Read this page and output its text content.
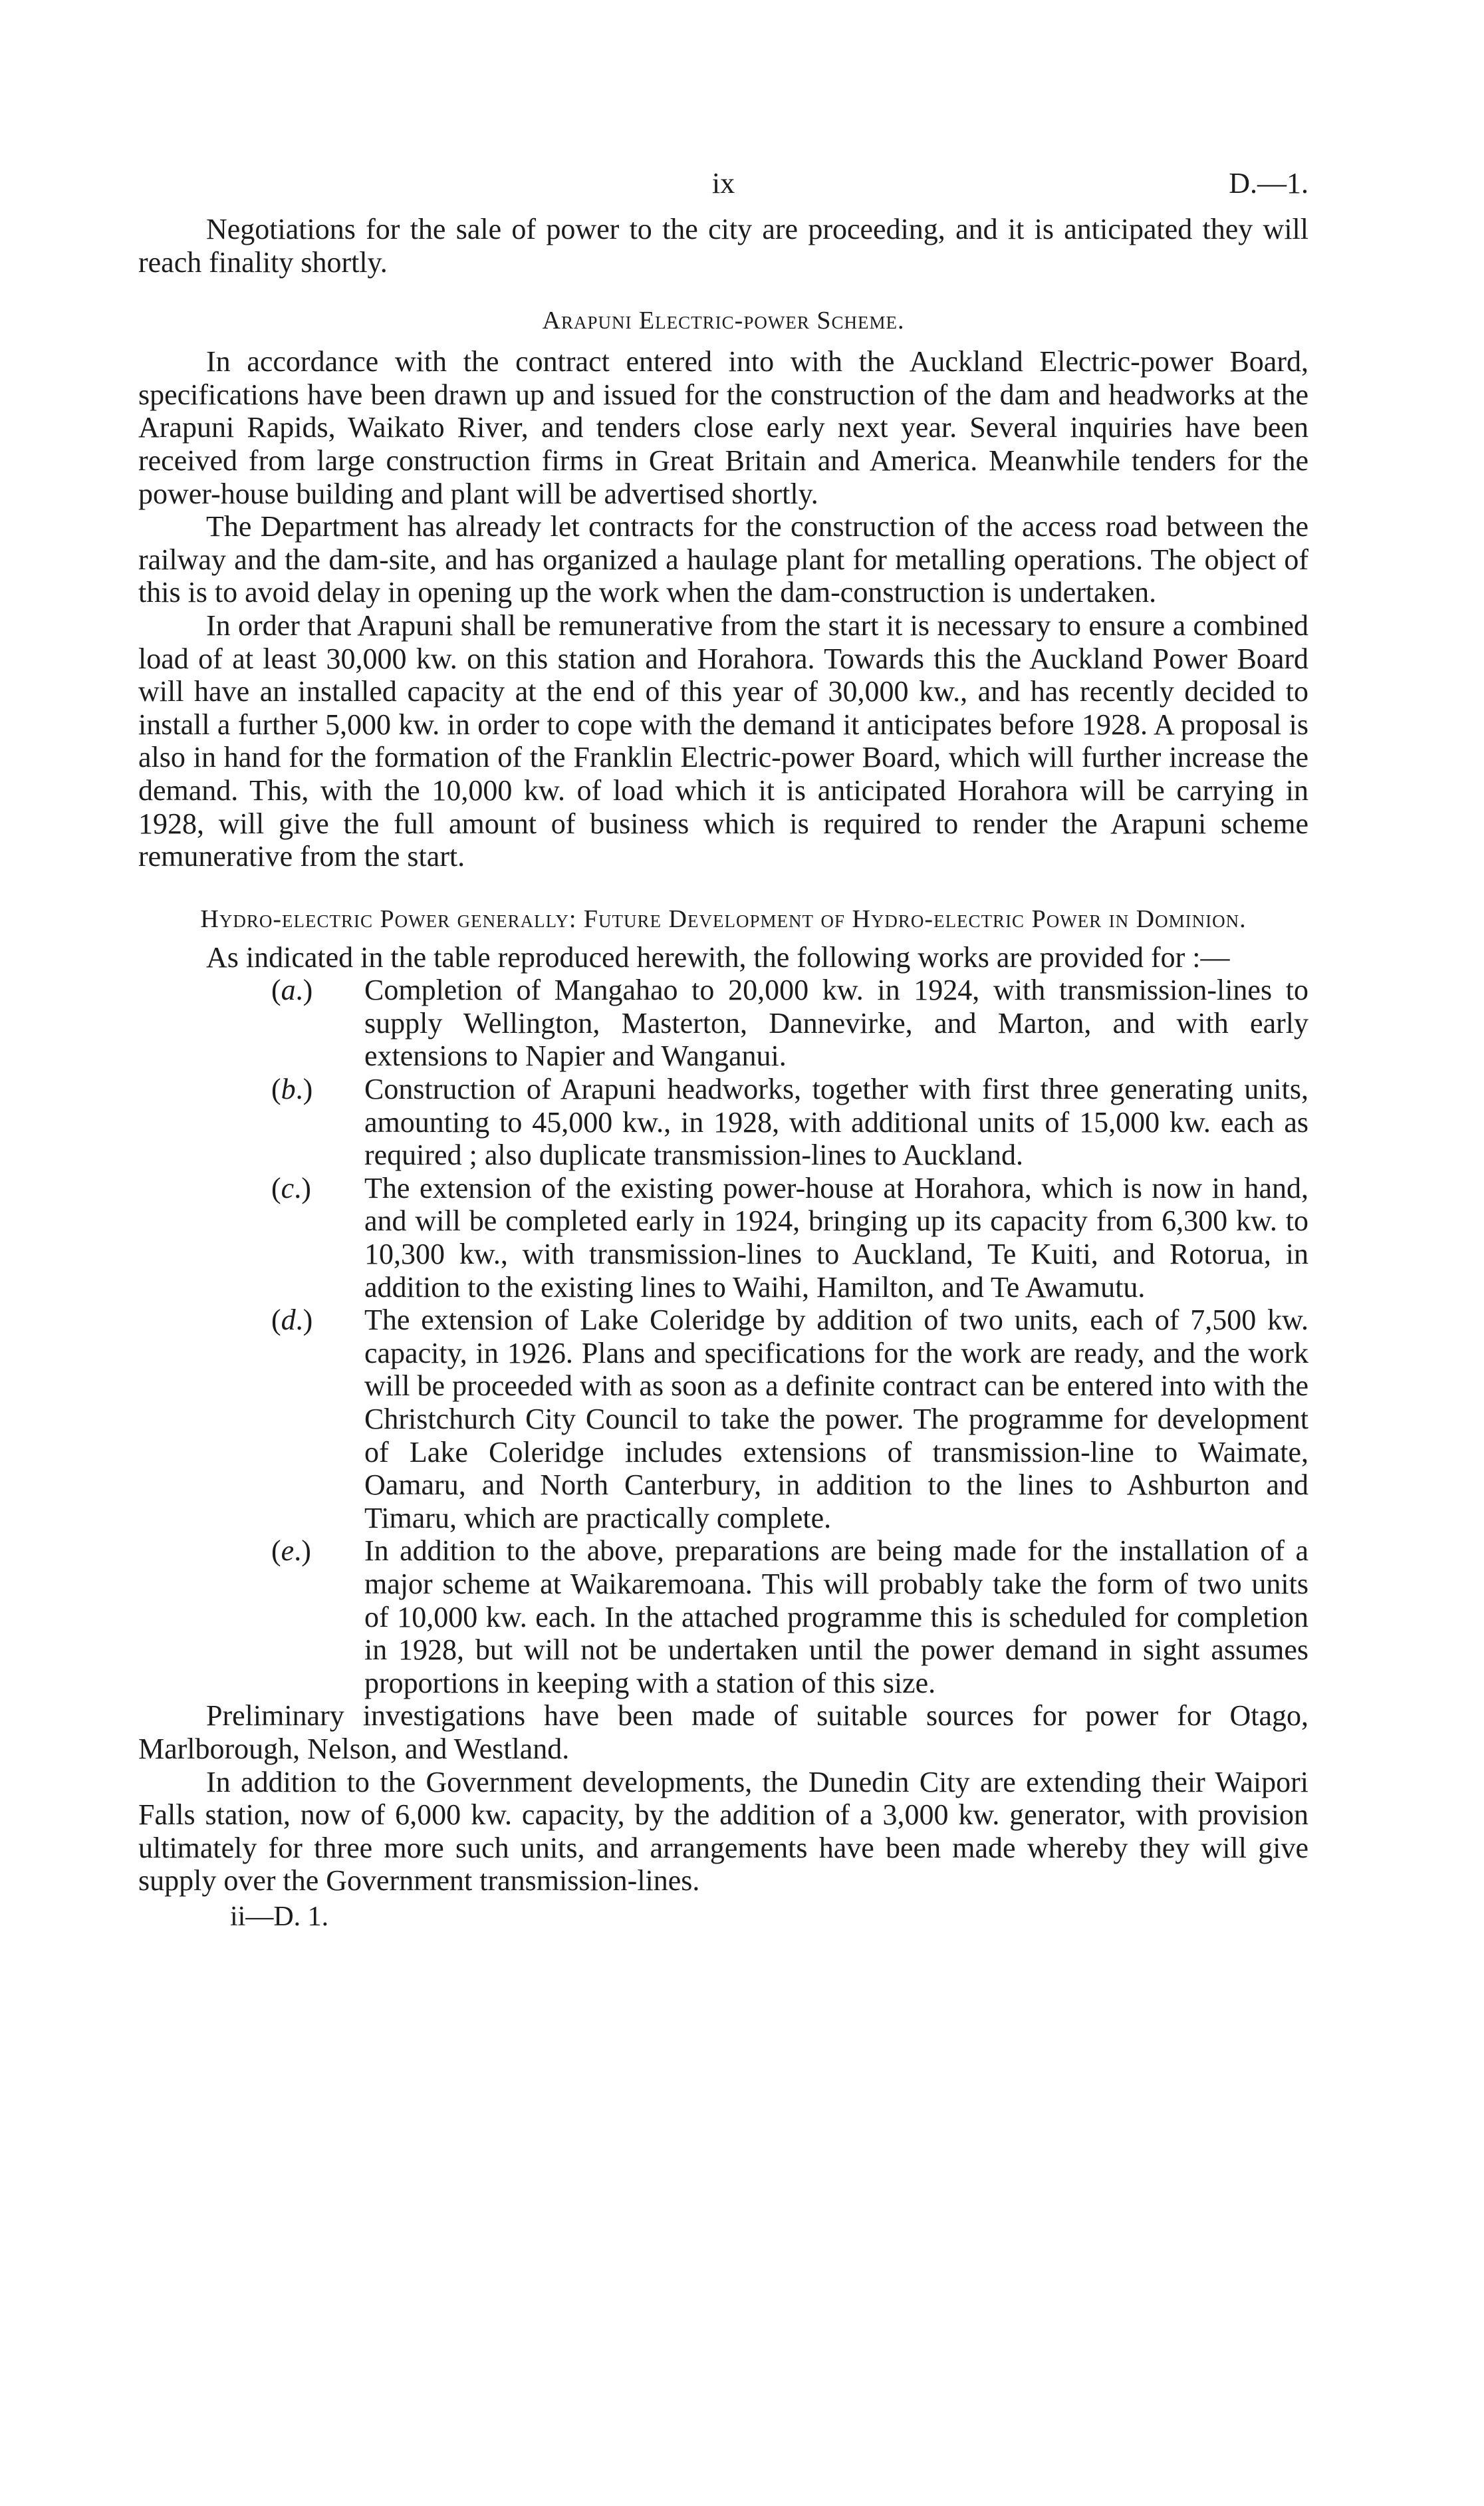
ix	D.—1.

Negotiations for the sale of power to the city are proceeding, and it is anticipated they will reach finality shortly.

Arapuni Electric-power Scheme.

In accordance with the contract entered into with the Auckland Electric-power Board, specifications have been drawn up and issued for the construction of the dam and headworks at the Arapuni Rapids, Waikato River, and tenders close early next year. Several inquiries have been received from large construction firms in Great Britain and America. Meanwhile tenders for the power-house building and plant will be advertised shortly.

The Department has already let contracts for the construction of the access road between the railway and the dam-site, and has organized a haulage plant for metalling operations. The object of this is to avoid delay in opening up the work when the dam-construction is undertaken.

In order that Arapuni shall be remunerative from the start it is necessary to ensure a combined load of at least 30,000 kw. on this station and Horahora. Towards this the Auckland Power Board will have an installed capacity at the end of this year of 30,000 kw., and has recently decided to install a further 5,000 kw. in order to cope with the demand it anticipates before 1928. A proposal is also in hand for the formation of the Franklin Electric-power Board, which will further increase the demand. This, with the 10,000 kw. of load which it is anticipated Horahora will be carrying in 1928, will give the full amount of business which is required to render the Arapuni scheme remunerative from the start.

Hydro-electric Power generally: Future Development of Hydro-electric Power in Dominion.

As indicated in the table reproduced herewith, the following works are provided for :—

(a.)	Completion of Mangahao to 20,000 kw. in 1924, with transmission-lines to supply Wellington, Masterton, Dannevirke, and Marton, and with early extensions to Napier and Wanganui.
(b.)	Construction of Arapuni headworks, together with first three generating units, amounting to 45,000 kw., in 1928, with additional units of 15,000 kw. each as required ; also duplicate transmission-lines to Auckland.
(c.)	The extension of the existing power-house at Horahora, which is now in hand, and will be completed early in 1924, bringing up its capacity from 6,300 kw. to 10,300 kw., with transmission-lines to Auckland, Te Kuiti, and Rotorua, in addition to the existing lines to Waihi, Hamilton, and Te Awamutu.
(d.)	The extension of Lake Coleridge by addition of two units, each of 7,500 kw. capacity, in 1926. Plans and specifications for the work are ready, and the work will be proceeded with as soon as a definite contract can be entered into with the Christchurch City Council to take the power. The programme for development of Lake Coleridge includes extensions of transmission-line to Waimate, Oamaru, and North Canterbury, in addition to the lines to Ashburton and Timaru, which are practically complete.
(e.)	In addition to the above, preparations are being made for the installation of a major scheme at Waikaremoana. This will probably take the form of two units of 10,000 kw. each. In the attached programme this is scheduled for completion in 1928, but will not be undertaken until the power demand in sight assumes proportions in keeping with a station of this size.

Preliminary investigations have been made of suitable sources for power for Otago, Marlborough, Nelson, and Westland.

In addition to the Government developments, the Dunedin City are extending their Waipori Falls station, now of 6,000 kw. capacity, by the addition of a 3,000 kw. generator, with provision ultimately for three more such units, and arrangements have been made whereby they will give supply over the Government transmission-lines.

ii—D. 1.
